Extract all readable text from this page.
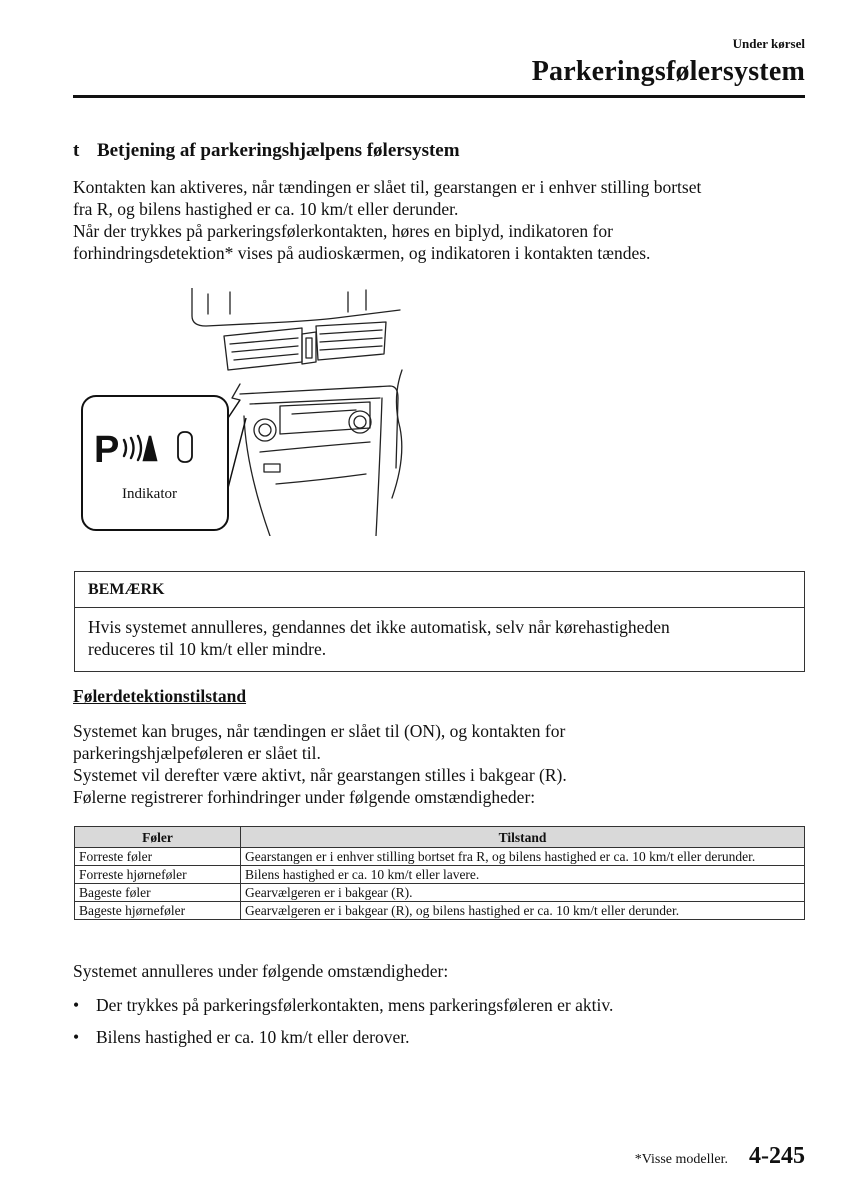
Under kørsel
Parkeringsfølersystem
t Betjening af parkeringshjælpens følersystem
Kontakten kan aktiveres, når tændingen er slået til, gearstangen er i enhver stilling bortset
fra R, og bilens hastighed er ca. 10 km/t eller derunder.
Når der trykkes på parkeringsfølerkontakten, høres en biplyd, indikatoren for
forhindringsdetektion* vises på audioskærmen, og indikatoren i kontakten tændes.
P
Indikator
BEMÆRK
Hvis systemet annulleres, gendannes det ikke automatisk, selv når kørehastigheden
reduceres til 10 km/t eller mindre.
Følerdetektionstilstand
Systemet kan bruges, når tændingen er slået til (ON), og kontakten for
parkeringshjælpeføleren er slået til.
Systemet vil derefter være aktivt, når gearstangen stilles i bakgear (R).
Følerne registrerer forhindringer under følgende omstændigheder:
Føler	Tilstand
Forreste føler	Gearstangen er i enhver stilling bortset fra R, og bilens hastighed er ca. 10 km/t eller derunder.
Forreste hjørneføler	Bilens hastighed er ca. 10 km/t eller lavere.
Bageste føler	Gearvælgeren er i bakgear (R).
Bageste hjørneføler	Gearvælgeren er i bakgear (R), og bilens hastighed er ca. 10 km/t eller derunder.
Systemet annulleres under følgende omstændigheder:
• Der trykkes på parkeringsfølerkontakten, mens parkeringsføleren er aktiv.
• Bilens hastighed er ca. 10 km/t eller derover.
*Visse modeller. 4-245
